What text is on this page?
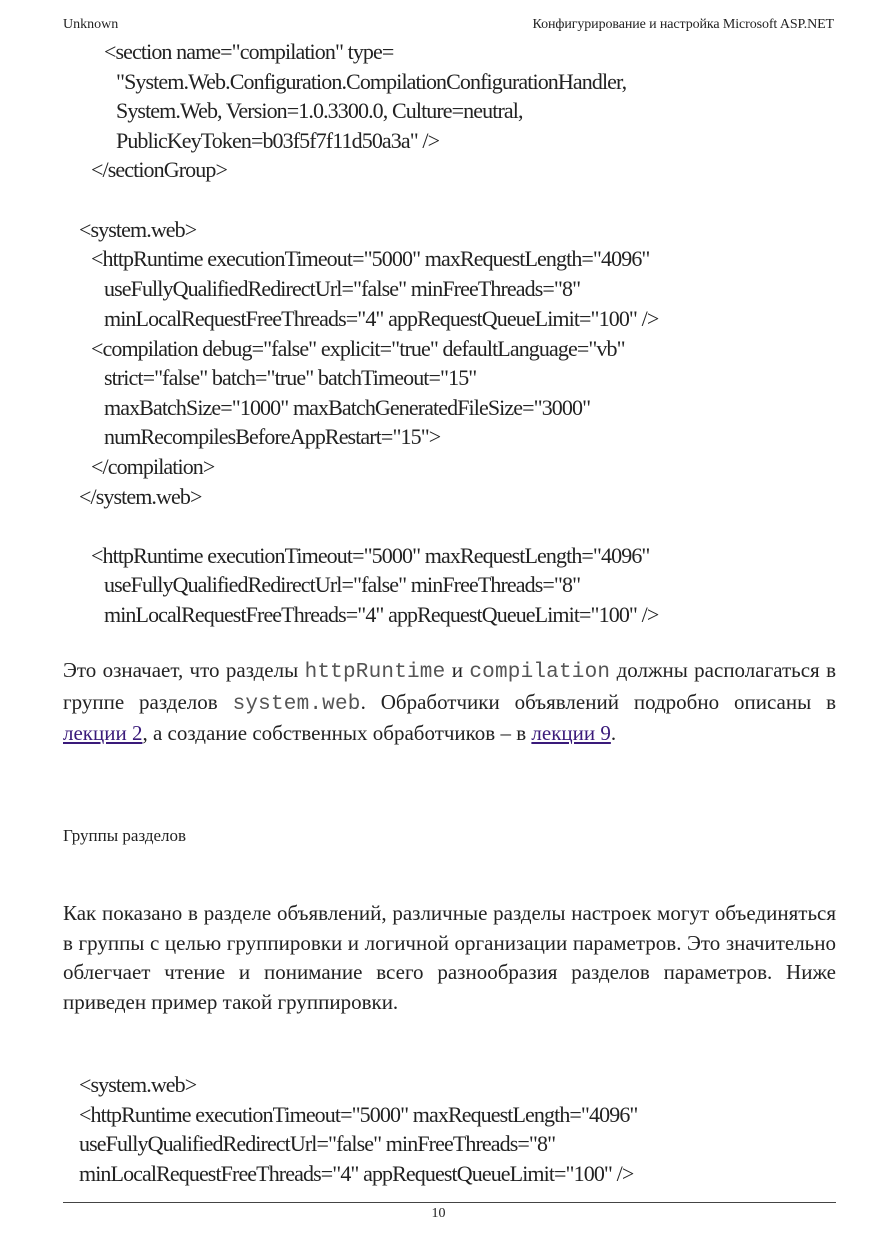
Unknown	Конфигурирование и настройка Microsoft ASP.NET
<section name="compilation" type=
"System.Web.Configuration.CompilationConfigurationHandler,
System.Web, Version=1.0.3300.0, Culture=neutral,
PublicKeyToken=b03f5f7f11d50a3a" />
</sectionGroup>
<system.web>
<httpRuntime executionTimeout="5000" maxRequestLength="4096"
useFullyQualifiedRedirectUrl="false" minFreeThreads="8"
minLocalRequestFreeThreads="4" appRequestQueueLimit="100" />
<compilation debug="false" explicit="true" defaultLanguage="vb"
strict="false" batch="true" batchTimeout="15"
maxBatchSize="1000" maxBatchGeneratedFileSize="3000"
numRecompilesBeforeAppRestart="15">
</compilation>
</system.web>
<httpRuntime executionTimeout="5000" maxRequestLength="4096"
useFullyQualifiedRedirectUrl="false" minFreeThreads="8"
minLocalRequestFreeThreads="4" appRequestQueueLimit="100" />

Это означает, что разделы httpRuntime и compilation должны располагаться в группе разделов system.web. Обработчики объявлений подробно описаны в лекции 2, а создание собственных обработчиков – в лекции 9.

Группы разделов

Как показано в разделе объявлений, различные разделы настроек могут объединяться в группы с целью группировки и логичной организации параметров. Это значительно облегчает чтение и понимание всего разнообразия разделов параметров. Ниже приведен пример такой группировки.

<system.web>
<httpRuntime executionTimeout="5000" maxRequestLength="4096"
useFullyQualifiedRedirectUrl="false" minFreeThreads="8"
minLocalRequestFreeThreads="4" appRequestQueueLimit="100" />
10
